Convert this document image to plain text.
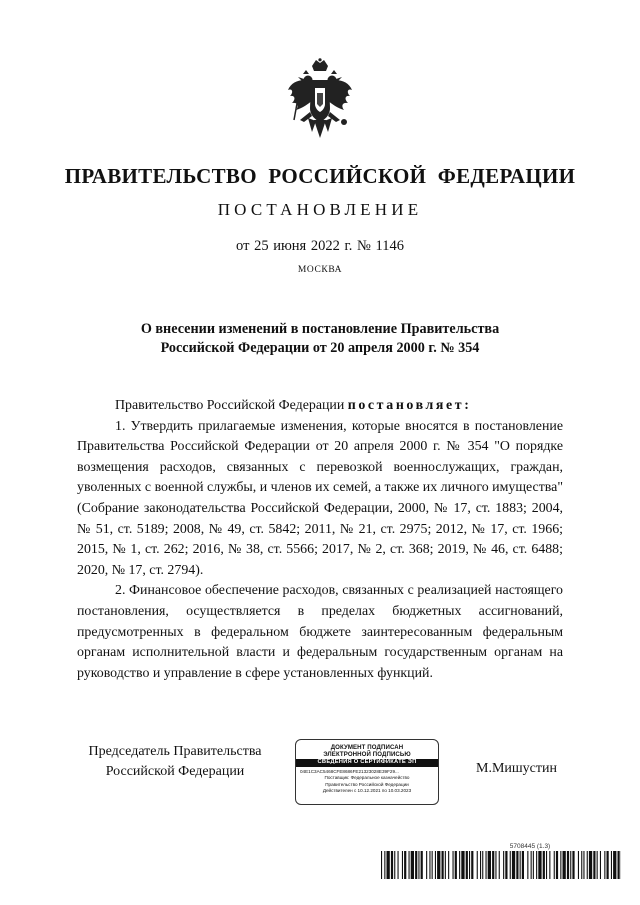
ПРАВИТЕЛЬСТВО РОССИЙСКОЙ ФЕДЕРАЦИИ
ПОСТАНОВЛЕНИЕ
от 25 июня 2022 г. № 1146
МОСКВА
О внесении изменений в постановление Правительства
Российской Федерации от 20 апреля 2000 г. № 354

Правительство Российской Федерации постановляет:

1. Утвердить прилагаемые изменения, которые вносятся в постановление Правительства Российской Федерации от 20 апреля 2000 г. № 354 "О порядке возмещения расходов, связанных с перевозкой военнослужащих, граждан, уволенных с военной службы, и членов их семей, а также их личного имущества" (Собрание законодательства Российской Федерации, 2000, № 17, ст. 1883; 2004, № 51, ст. 5189; 2008, № 49, ст. 5842; 2011, № 21, ст. 2975; 2012, № 17, ст. 1966; 2015, № 1, ст. 262; 2016, № 38, ст. 5566; 2017, № 2, ст. 368; 2019, № 46, ст. 6488; 2020, № 17, ст. 2794).

2. Финансовое обеспечение расходов, связанных с реализацией настоящего постановления, осуществляется в пределах бюджетных ассигнований, предусмотренных в федеральном бюджете заинтересованным федеральным органам исполнительной власти и федеральным государственным органам на руководство и управление в сфере установленных функций.

Председатель Правительства
Российской Федерации
ДОКУМЕНТ ПОДПИСАН
ЭЛЕКТРОННОЙ ПОДПИСЬЮ
СВЕДЕНИЯ О СЕРТИФИКАТЕ ЭП
04E1C3AC5468CFE8686FE21323028E39F29...
Поставщик: Федеральное казначейство
Правительство Российской Федерации
Действителен с 10.12.2021 по 10.03.2023
М.Мишустин
5708445 (1.3)
